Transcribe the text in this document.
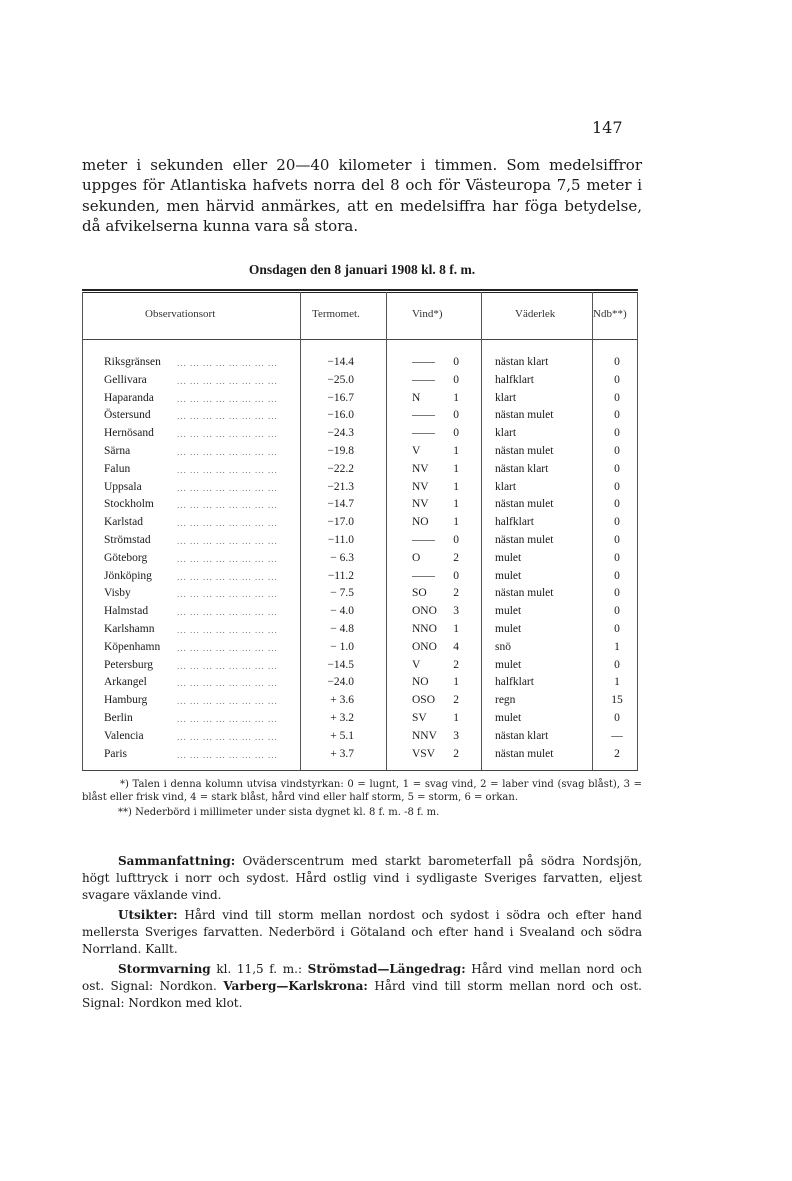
147

meter i sekunden eller 20—40 kilometer i timmen. Som medelsiffror uppges för Atlantiska hafvets norra del 8 och för Västeuropa 7,5 meter i sekunden, men härvid anmärkes, att en medelsiffra har föga betydelse, då afvikelserna kunna vara så stora.

Onsdagen den 8 januari 1908 kl. 8 f. m.
Observationsort	Termomet.	Vind*)	Väderlek	Ndb**)
Riksgränsen ... ... ... ... ... ... ... ...	−14.4	——	0	nästan klart	0
Gellivara	... ... ... ... ... ... ... ...	−25.0	——	0	halfklart	0
Haparanda	... ... ... ... ... ... ... ...	−16.7	N	1	klart	0
Östersund	... ... ... ... ... ... ... ...	−16.0	——	0	nästan mulet	0
Hernösand	... ... ... ... ... ... ... ...	−24.3	——	0	klart	0
Särna	... ... ... ... ... ... ... ...	−19.8	V	1	nästan mulet	0
Falun	... ... ... ... ... ... ... ...	−22.2	NV	1	nästan klart	0
Uppsala	... ... ... ... ... ... ... ...	−21.3	NV	1	klart	0
Stockholm	... ... ... ... ... ... ... ...	−14.7	NV	1	nästan mulet	0
Karlstad	... ... ... ... ... ... ... ...	−17.0	NO	1	halfklart	0
Strömstad	... ... ... ... ... ... ... ...	−11.0	——	0	nästan mulet	0
Göteborg	... ... ... ... ... ... ... ...	− 6.3	O	2	mulet	0
Jönköping	... ... ... ... ... ... ... ...	−11.2	——	0	mulet	0
Visby	... ... ... ... ... ... ... ...	− 7.5	SO	2	nästan mulet	0
Halmstad	... ... ... ... ... ... ... ...	− 4.0	ONO	3	mulet	0
Karlshamn	... ... ... ... ... ... ... ...	− 4.8	NNO	1	mulet	0
Köpenhamn ... ... ... ... ... ... ... ...	− 1.0	ONO	4	snö	1
Petersburg	... ... ... ... ... ... ... ...	−14.5	V	2	mulet	0
Arkangel	... ... ... ... ... ... ... ...	−24.0	NO	1	halfklart	1
Hamburg	... ... ... ... ... ... ... ...	+ 3.6	OSO	2	regn	15
Berlin	... ... ... ... ... ... ... ...	+ 3.2	SV	1	mulet	0
Valencia	... ... ... ... ... ... ... ...	+ 5.1	NNV	3	nästan klart	—
Paris	... ... ... ... ... ... ... ...	+ 3.7	VSV	2	nästan mulet	2

*) Talen i denna kolumn utvisa vindstyrkan: 0 = lugnt, 1 = svag vind, 2 = laber vind (svag blåst), 3 = blåst eller frisk vind, 4 = stark blåst, hård vind eller half storm, 5 = storm, 6 = orkan.

**) Nederbörd i millimeter under sista dygnet kl. 8 f. m. -8 f. m.

Sammanfattning: Oväderscentrum med starkt barometerfall på södra Nordsjön, högt lufttryck i norr och sydost. Hård ostlig vind i sydligaste Sveriges farvatten, eljest svagare växlande vind.

Utsikter: Hård vind till storm mellan nordost och sydost i södra och efter hand mellersta Sveriges farvatten. Nederbörd i Götaland och efter hand i Svealand och södra Norrland. Kallt.

Stormvarning kl. 11,5 f. m.: Strömstad—Längedrag: Hård vind mellan nord och ost. Signal: Nordkon. Varberg—Karlskrona: Hård vind till storm mellan nord och ost. Signal: Nordkon med klot.
